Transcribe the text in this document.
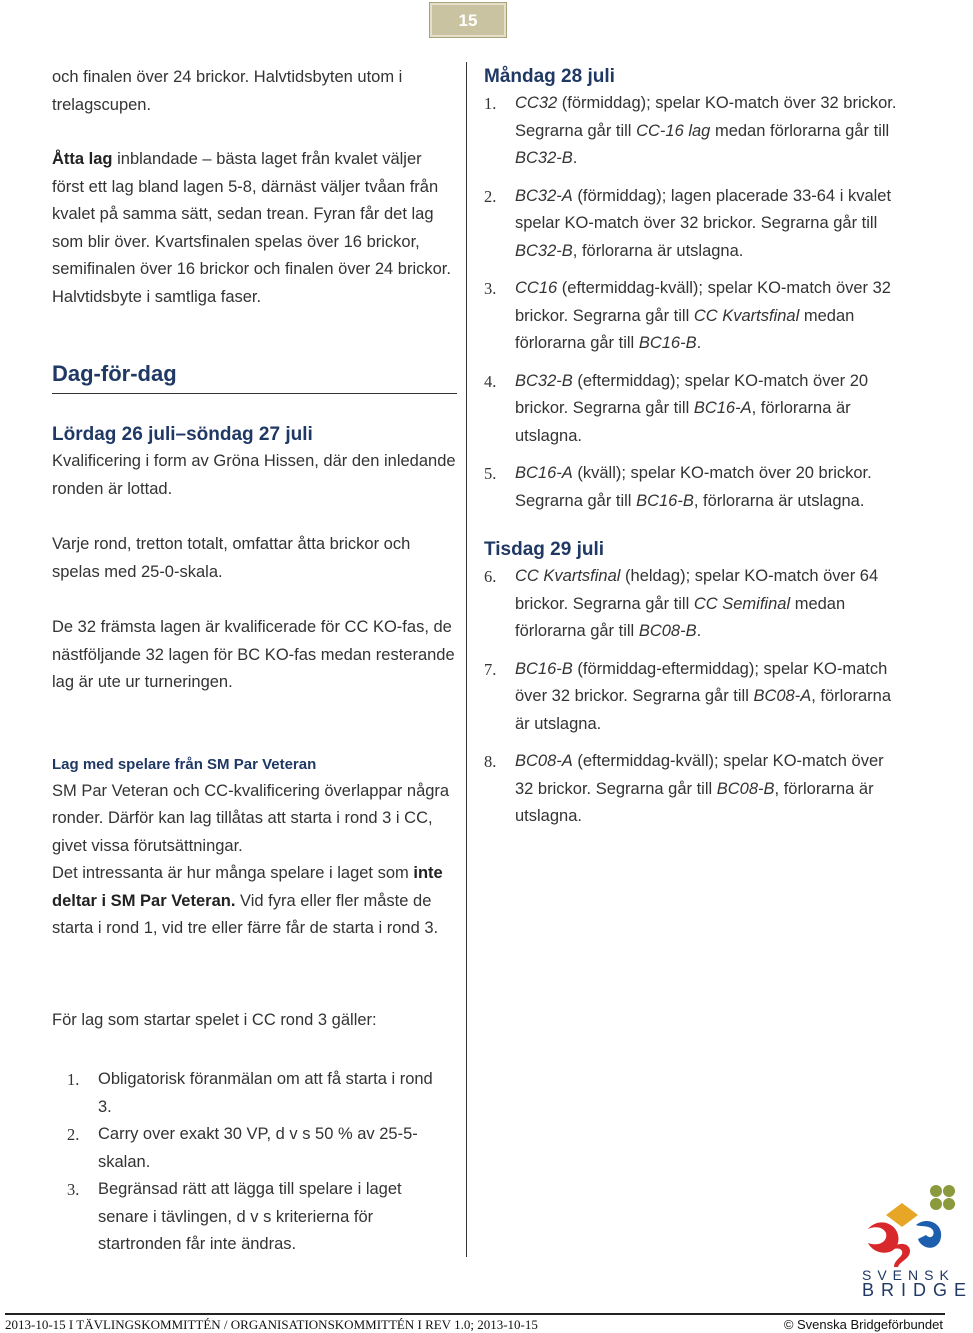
15

och finalen över 24 brickor. Halvtidsbyten utom i trelagscupen.

Åtta lag inblandade – bästa laget från kvalet väljer först ett lag bland lagen 5-8, därnäst väljer tvåan från kvalet på samma sätt, sedan trean. Fyran får det lag som blir över. Kvartsfinalen spelas över 16 brickor, semifinalen över 16 brickor och finalen över 24 brickor. Halvtidsbyte i samtliga faser.

Dag-för-dag
Lördag 26 juli–söndag 27 juli

Kvalificering i form av Gröna Hissen, där den inledande ronden är lottad.

Varje rond, tretton totalt, omfattar åtta brickor och spelas med 25-0-skala.

De 32 främsta lagen är kvalificerade för CC KO-fas, de nästföljande 32 lagen för BC KO-fas medan resterande lag är ute ur turneringen.

Lag med spelare från SM Par Veteran

SM Par Veteran och CC-kvalificering överlappar några ronder. Därför kan lag tillåtas att starta i rond 3 i CC, givet vissa förutsättningar.

Det intressanta är hur många spelare i laget som inte deltar i SM Par Veteran. Vid fyra eller fler måste de starta i rond 1, vid tre eller färre får de starta i rond 3.

Måndag 28 juli
1. CC32 (förmiddag); spelar KO-match över 32 brickor. Segrarna går till CC-16 lag medan förlorarna går till BC32-B.
2. BC32-A (förmiddag); lagen placerade 33-64 i kvalet spelar KO-match över 32 brickor. Segrarna går till BC32-B, förlorarna är utslagna.
3. CC16 (eftermiddag-kväll); spelar KO-match över 32 brickor. Segrarna går till CC Kvartsfinal medan förlorarna går till BC16-B.
4. BC32-B (eftermiddag); spelar KO-match över 20 brickor. Segrarna går till BC16-A, förlorarna är utslagna.
5. BC16-A (kväll); spelar KO-match över 20 brickor. Segrarna går till BC16-B, förlorarna är utslagna.
Tisdag 29 juli
6. CC Kvartsfinal (heldag); spelar KO-match över 64 brickor. Segrarna går till CC Semifinal medan förlorarna går till BC08-B.
7. BC16-B (förmiddag-eftermiddag); spelar KO-match över 32 brickor. Segrarna går till BC08-A, förlorarna är utslagna.
8. BC08-A (eftermiddag-kväll); spelar KO-match över 32 brickor. Segrarna går till BC08-B, förlorarna är utslagna.

För lag som startar spelet i CC rond 3 gäller:

1. Obligatorisk föranmälan om att få starta i rond 3.
2. Carry over exakt 30 VP, d v s 50 % av 25-5-skalan.
3. Begränsad rätt att lägga till spelare i laget senare i tävlingen, d v s kriterierna för startronden får inte ändras.
SVENSK
BRIDGE
2013-10-15 I TÄVLINGSKOMMITTÉN / ORGANISATIONSKOMMITTÉN I REV 1.0; 2013-10-15	© Svenska Bridgeförbundet
